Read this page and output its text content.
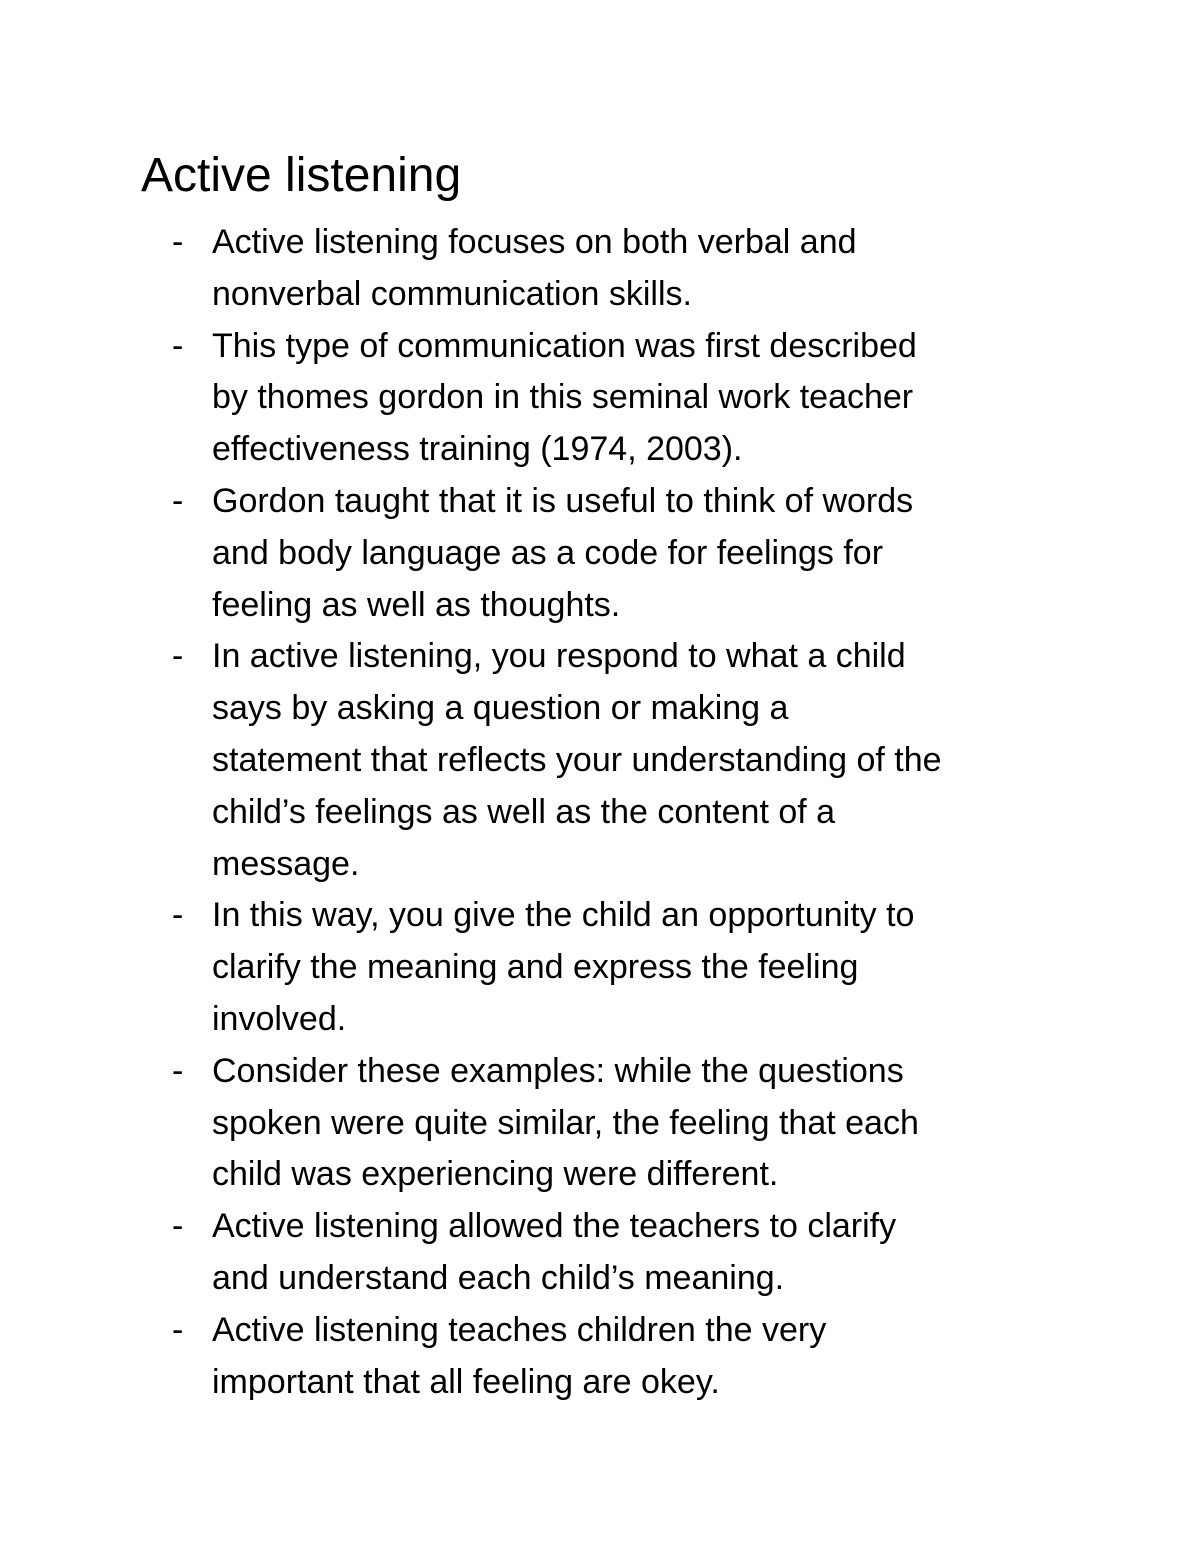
Active listening
- Active listening focuses on both verbal and
nonverbal communication skills.
- This type of communication was first described
by thomes gordon in this seminal work teacher
effectiveness training (1974, 2003).
- Gordon taught that it is useful to think of words
and body language as a code for feelings for
feeling as well as thoughts.
- In active listening, you respond to what a child
says by asking a question or making a
statement that reflects your understanding of the
child’s feelings as well as the content of a
message.
- In this way, you give the child an opportunity to
clarify the meaning and express the feeling
involved.
- Consider these examples: while the questions
spoken were quite similar, the feeling that each
child was experiencing were different.
- Active listening allowed the teachers to clarify
and understand each child’s meaning.
- Active listening teaches children the very
important that all feeling are okey.
